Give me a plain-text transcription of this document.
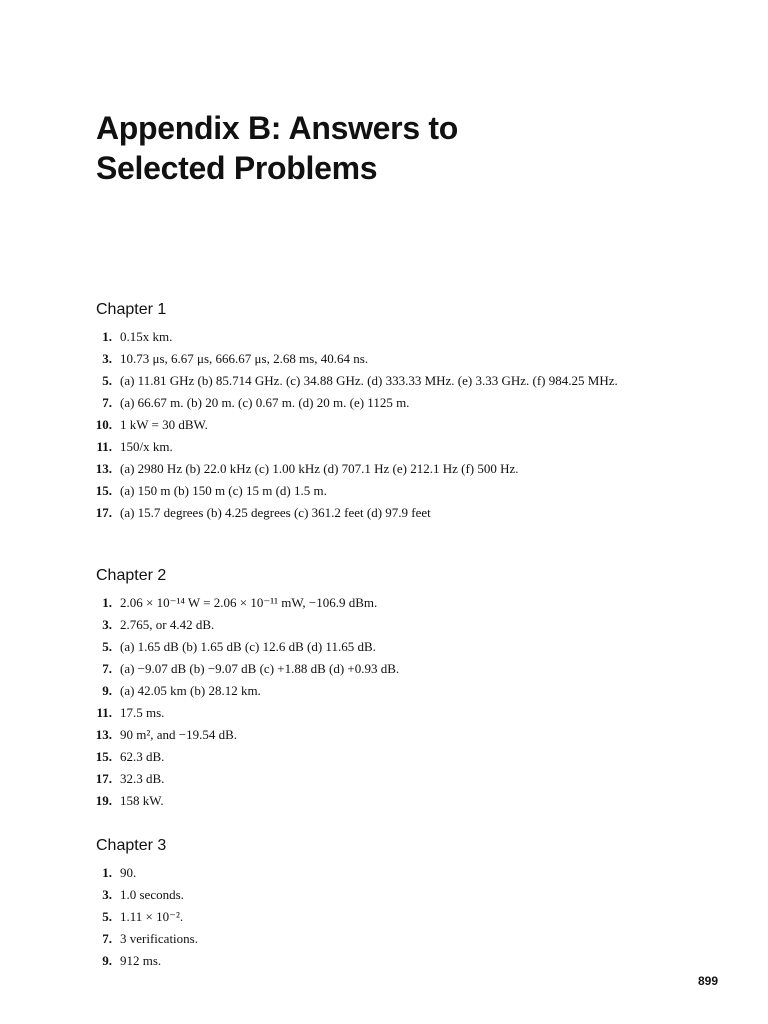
Appendix B: Answers to
Selected Problems
Chapter 1
1. 0.15x km.
3. 10.73 μs, 6.67 μs, 666.67 μs, 2.68 ms, 40.64 ns.
5. (a) 11.81 GHz (b) 85.714 GHz. (c) 34.88 GHz. (d) 333.33 MHz. (e) 3.33 GHz. (f) 984.25 MHz.
7. (a) 66.67 m. (b) 20 m. (c) 0.67 m. (d) 20 m. (e) 1125 m.
10. 1 kW = 30 dBW.
11. 150/x km.
13. (a) 2980 Hz (b) 22.0 kHz (c) 1.00 kHz (d) 707.1 Hz (e) 212.1 Hz (f) 500 Hz.
15. (a) 150 m (b) 150 m (c) 15 m (d) 1.5 m.
17. (a) 15.7 degrees (b) 4.25 degrees (c) 361.2 feet (d) 97.9 feet
Chapter 2
1. 2.06 × 10⁻¹⁴ W = 2.06 × 10⁻¹¹ mW, −106.9 dBm.
3. 2.765, or 4.42 dB.
5. (a) 1.65 dB (b) 1.65 dB (c) 12.6 dB (d) 11.65 dB.
7. (a) −9.07 dB (b) −9.07 dB (c) +1.88 dB (d) +0.93 dB.
9. (a) 42.05 km (b) 28.12 km.
11. 17.5 ms.
13. 90 m², and −19.54 dB.
15. 62.3 dB.
17. 32.3 dB.
19. 158 kW.
Chapter 3
1. 90.
3. 1.0 seconds.
5. 1.11 × 10⁻².
7. 3 verifications.
9. 912 ms.
899
